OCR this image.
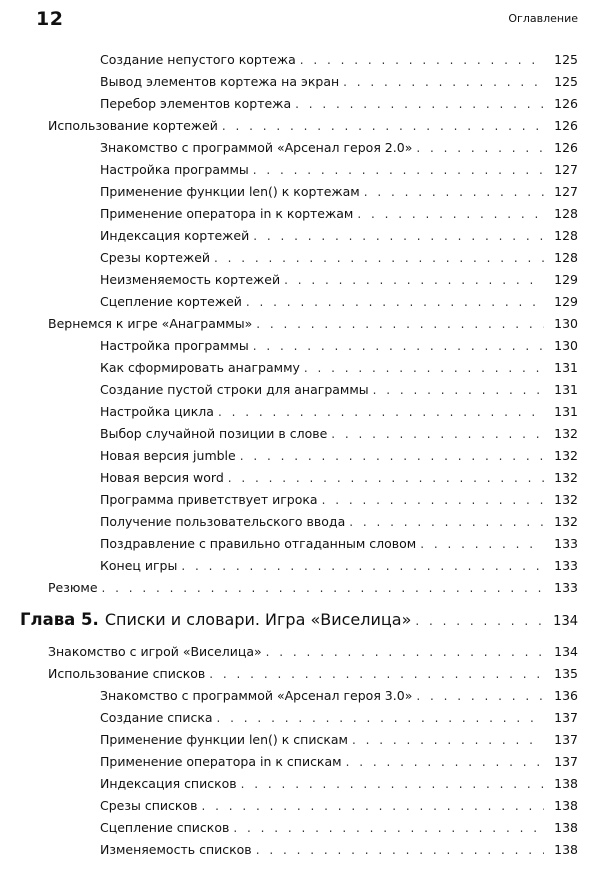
12	Оглавление
Создание непустого кортежа . . .	125
Вывод элементов кортежа на экран . . .	125
Перебор элементов кортежа . . .	126
Использование кортежей . . .	126
Знакомство с программой «Арсенал героя 2.0» . . .	126
Настройка программы . . .	127
Применение функции len() к кортежам . . .	127
Применение оператора in к кортежам . . .	128
Индексация кортежей . . .	128
Срезы кортежей . . .	128
Неизменяемость кортежей . . .	129
Сцепление кортежей . . .	129
Вернемся к игре «Анаграммы» . . .	130
Настройка программы . . .	130
Как сформировать анаграмму . . .	131
Создание пустой строки для анаграммы . . .	131
Настройка цикла . . .	131
Выбор случайной позиции в слове . . .	132
Новая версия jumble . . .	132
Новая версия word . . .	132
Программа приветствует игрока . . .	132
Получение пользовательского ввода . . .	132
Поздравление с правильно отгаданным словом . . .	133
Конец игры . . .	133
Резюме . . .	133
Глава 5. Списки и словари. Игра «Виселица» . . .	134
Знакомство с игрой «Виселица» . . .	134
Использование списков . . .	135
Знакомство с программой «Арсенал героя 3.0» . . .	136
Создание списка . . .	137
Применение функции len() к спискам . . .	137
Применение оператора in к спискам . . .	137
Индексация списков . . .	138
Срезы списков . . .	138
Сцепление списков . . .	138
Изменяемость списков . . .	138
